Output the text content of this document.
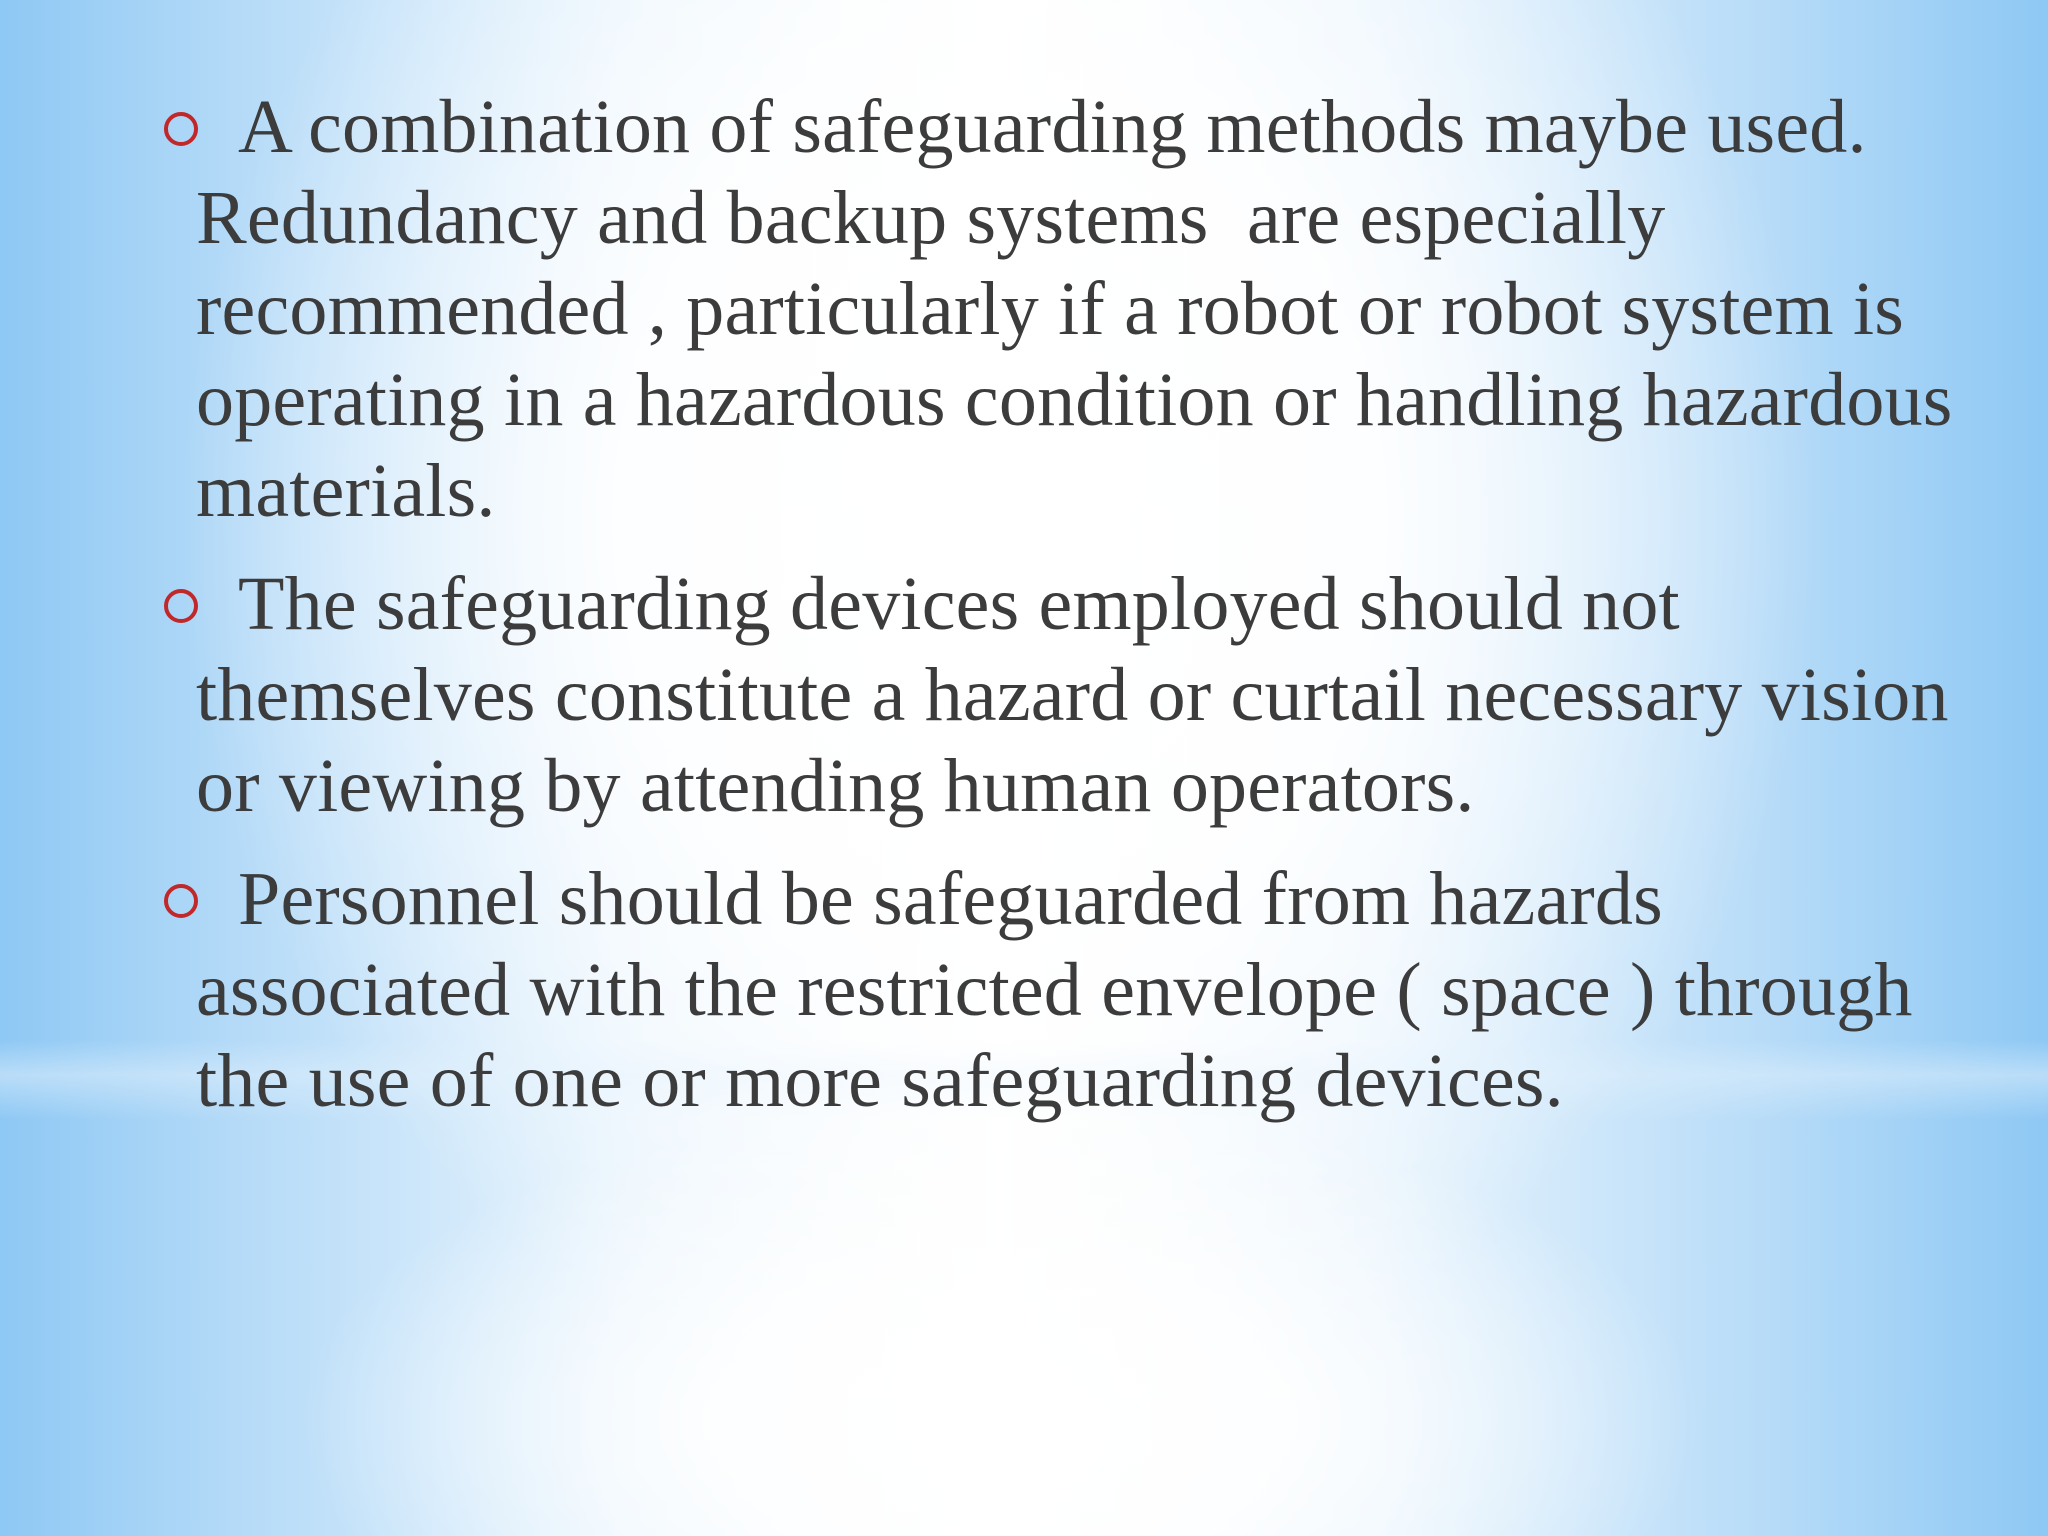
A combination of safeguarding methods maybe used. Redundancy and backup systems  are especially recommended , particularly if a robot or robot system is operating in a hazardous condition or handling hazardous materials.
The safeguarding devices employed should not themselves constitute a hazard or curtail necessary vision or viewing by attending human operators.
Personnel should be safeguarded from hazards associated with the restricted envelope ( space ) through the use of one or more safeguarding devices.
